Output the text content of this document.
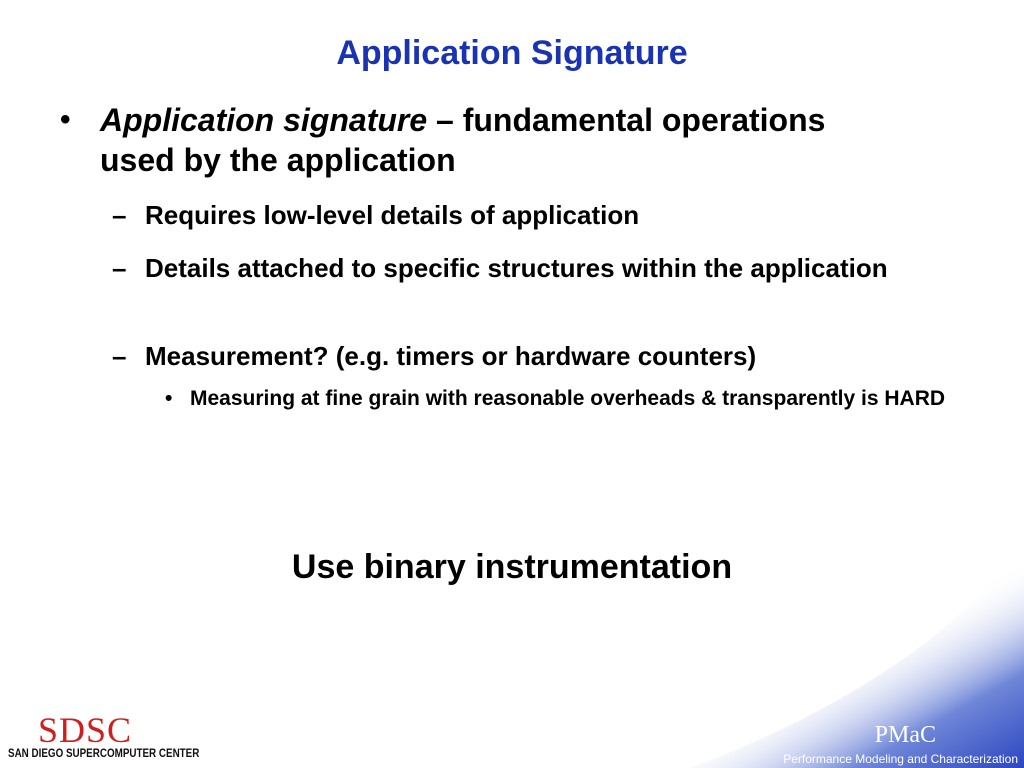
Application Signature
• Application signature – fundamental operations used by the application
– Requires low-level details of application
– Details attached to specific structures within the application
– Measurement? (e.g. timers or hardware counters)
• Measuring at fine grain with reasonable overheads & transparently is HARD
Use binary instrumentation
SDSC
SAN DIEGO SUPERCOMPUTER CENTER
PMaC
Performance Modeling and Characterization
